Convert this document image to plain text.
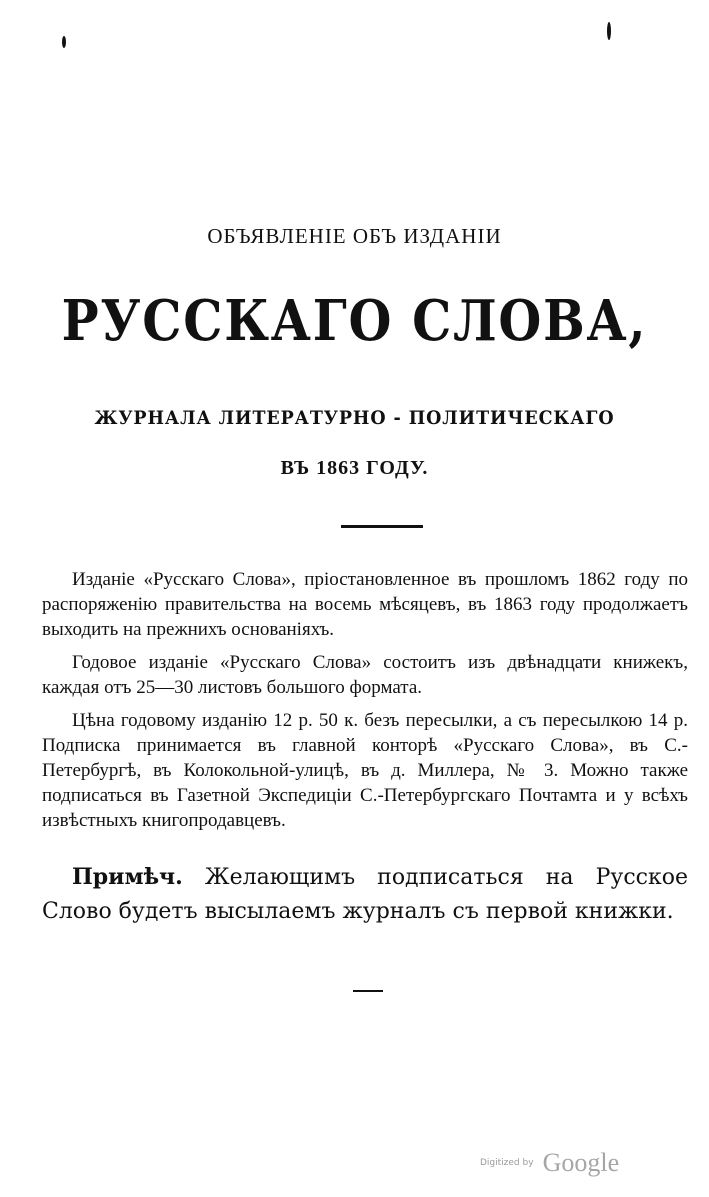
ОБЪЯВЛЕНIЕ ОБЪ ИЗДАНIИ
РУССКАГО СЛОВА,
ЖУРНАЛА ЛИТЕРАТУРНО - ПОЛИТИЧЕСКАГО
ВЪ 1863 ГОДУ.

Изданiе «Русскаго Слова», прiостановленное въ прошломъ 1862 году по распоряженiю правительства на восемь мѣсяцевъ, въ 1863 году продолжаетъ выходить на прежнихъ основанiяхъ.

Годовое изданiе «Русскаго Слова» состоитъ изъ двѣнадцати книжекъ, каждая отъ 25—30 листовъ большого формата.

Цѣна годовому изданiю 12 р. 50 к. безъ пересылки, а съ пересылкою 14 р. Подписка принимается въ главной конторѣ «Русскаго Слова», въ С.-Петербургѣ, въ Колокольной-улицѣ, въ д. Миллера, № 3. Можно также подписаться въ Газетной Экспедицiи С.-Петербургскаго Почтамта и у всѣхъ извѣстныхъ книгопродавцевъ.

Примѣч. Желающимъ подписаться на Русское Слово будетъ высылаемъ журналъ съ первой книжки.

Digitized by Google
